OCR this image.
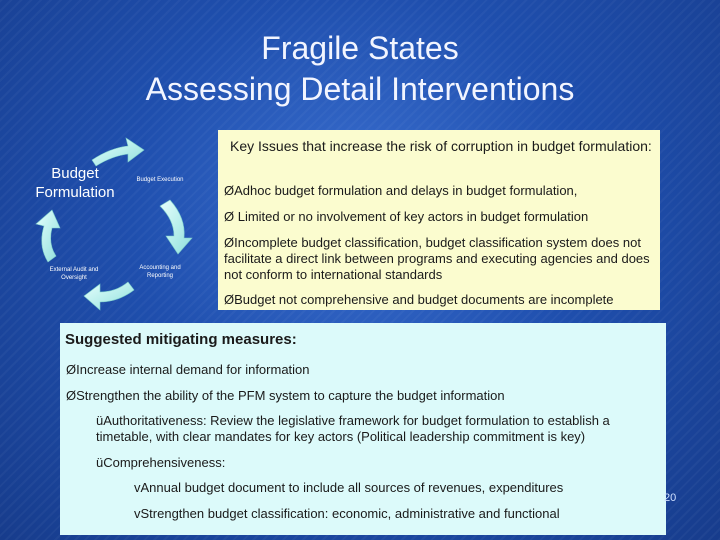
Fragile States
Assessing Detail Interventions
Budget Formulation
Budget Execution
External Audit and Oversight
Accounting and Reporting
Key Issues that increase the risk of corruption in budget formulation:
ØAdhoc budget formulation and delays in budget formulation,
Ø Limited or no involvement of key actors in budget formulation
ØIncomplete budget classification, budget classification system does not facilitate a direct link between programs and executing agencies and does not conform to international standards
ØBudget not comprehensive and budget documents are incomplete
Suggested mitigating measures:
ØIncrease internal demand for information
ØStrengthen the ability of the PFM system to capture the budget information
üAuthoritativeness: Review the legislative framework for budget formulation to establish a timetable, with clear mandates for key actors (Political leadership commitment is key)
üComprehensiveness:
vAnnual budget document to include all sources of revenues, expenditures
vStrengthen budget classification: economic, administrative and functional
20
